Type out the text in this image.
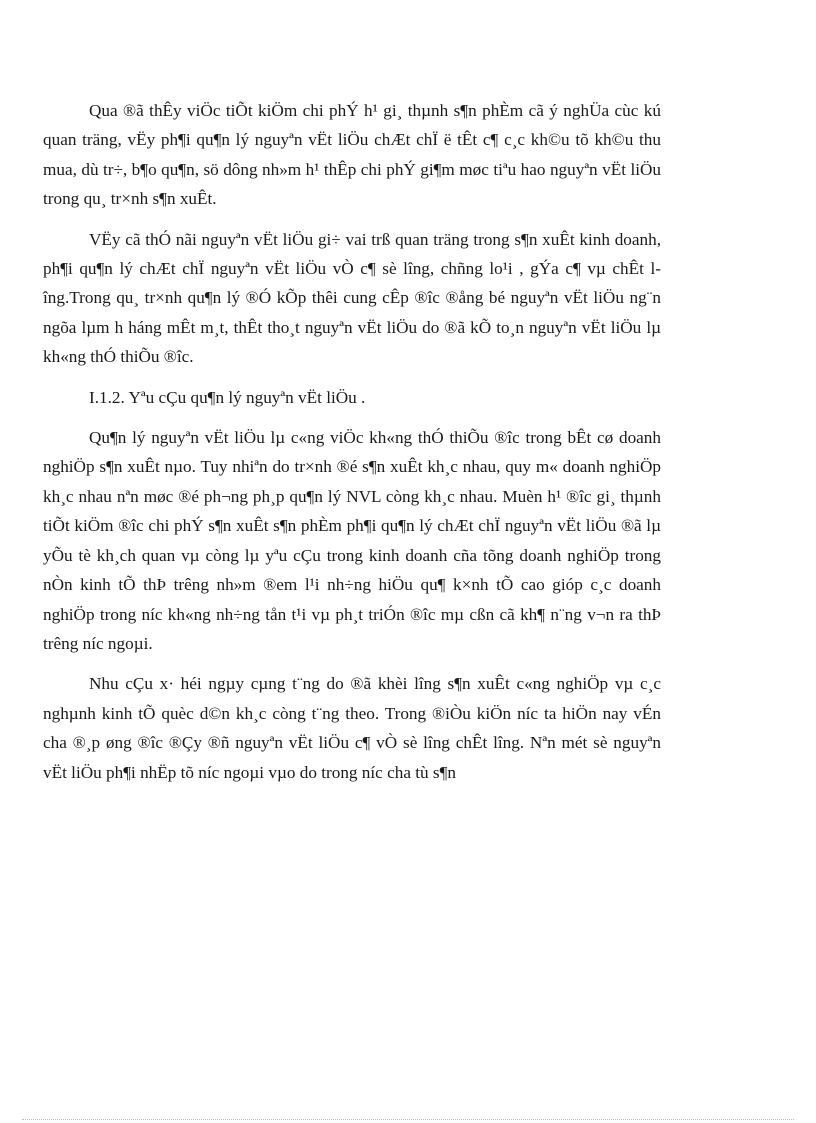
Qua ®ã thÊy viÖc tiÕt kiÖm chi phÝ h¹ gi¸ thµnh s¶n phÈm cã ý nghÜa cùc kú quan träng, vËy ph¶i qu¶n lý nguyªn vËt liÖu chÆt chÏ ë tÊt c¶ c¸c kh©u tõ kh©u thu mua, dù tr÷, b¶o qu¶n, sö dông nh»m h¹ thÊp chi phÝ gi¶m møc tiªu hao nguyªn vËt liÖu trong qu¸ tr×nh s¶n xuÊt.

VËy cã thÓ nãi nguyªn vËt liÖu gi÷ vai trß quan träng trong s¶n xuÊt kinh doanh, ph¶i qu¶n lý chÆt chÏ nguyªn vËt liÖu vÒ c¶ sè lîng, chñng lo¹i , gÝa c¶ vµ chÊt lîng.Trong qu¸ tr×nh qu¶n lý ®Ó kÕp thêi cung cÊp ®îc ®ång bé nguyªn vËt liÖu ng¨n ngõa lµm h háng mÊt m¸t, thÊt tho¸t nguyªn vËt liÖu do ®ã kÕ to¸n nguyªn vËt liÖu lµ kh«ng thÓ thiÕu ®îc.

I.1.2. Yªu cÇu qu¶n lý nguyªn vËt liÖu .

Qu¶n lý nguyªn vËt liÖu lµ c«ng viÖc kh«ng thÓ thiÕu ®îc trong bÊt cø doanh nghiÖp s¶n xuÊt nµo. Tuy nhiªn do tr×nh ®é s¶n xuÊt kh¸c nhau, quy m« doanh nghiÖp kh¸c nhau nªn møc ®é ph¬ng ph¸p qu¶n lý NVL còng kh¸c nhau. Muèn h¹ ®îc gi¸ thµnh tiÕt kiÖm ®îc chi phÝ s¶n xuÊt s¶n phÈm ph¶i qu¶n lý chÆt chÏ nguyªn vËt liÖu ®ã lµ yÕu tè kh¸ch quan vµ còng lµ yªu cÇu trong kinh doanh cña tõng doanh nghiÖp trong nÒn kinh tÕ thÞ trêng nh»m ®em l¹i nh÷ng hiÖu qu¶ k×nh tÕ cao gióp c¸c doanh nghiÖp trong níc kh«ng nh÷ng tån t¹i vµ ph¸t triÓn ®îc mµ cßn cã kh¶ n¨ng v¬n ra thÞ trêng níc ngoµi.

Nhu cÇu x· héi ngµy cµng t¨ng do ®ã khèi lîng s¶n xuÊt c«ng nghiÖp vµ c¸c nghµnh kinh tÕ quèc d©n kh¸c còng t¨ng theo. Trong ®iÒu kiÖn níc ta hiÖn nay vÉn cha ®¸p øng ®îc ®Çy ®ñ nguyªn vËt liÖu c¶ vÒ sè lîng chÊt lîng. Nªn mét sè nguyªn vËt liÖu ph¶i nhËp tõ níc ngoµi vµo do trong níc cha tù s¶n
